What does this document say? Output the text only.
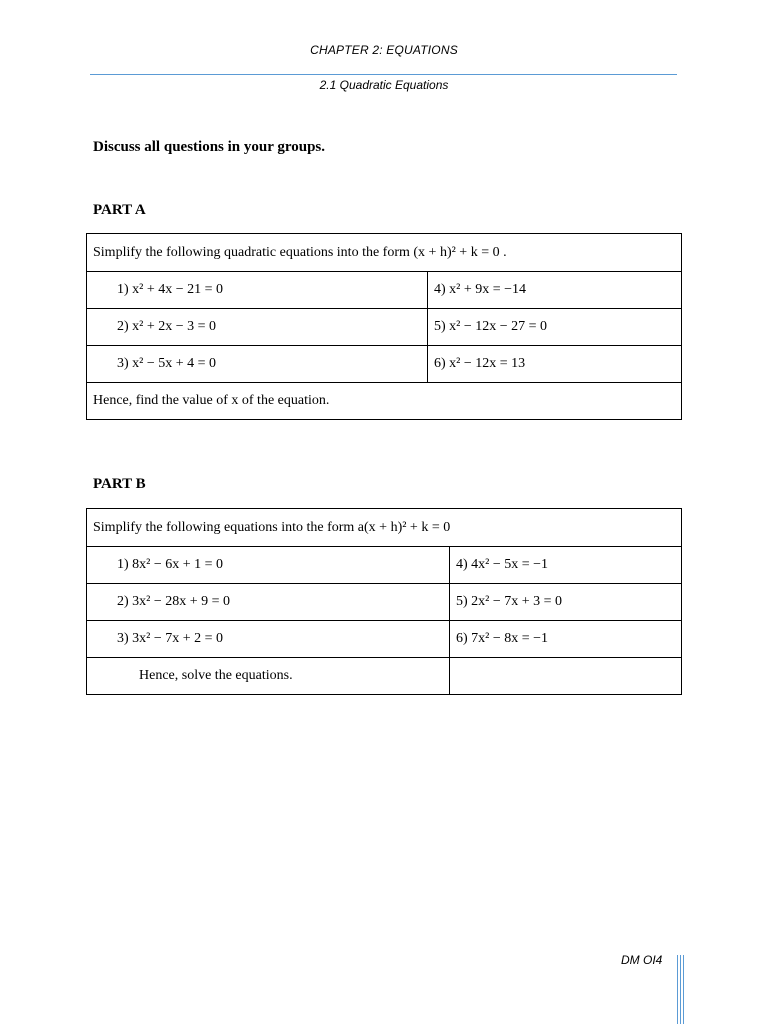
CHAPTER 2: EQUATIONS
2.1 Quadratic Equations
Discuss all questions in your groups.
PART A
Simplify the following quadratic equations into the form (x + h)² + k = 0 .	
1) x² + 4x − 21 = 0	4) x² + 9x = −14
2) x² + 2x − 3 = 0	5) x² − 12x − 27 = 0
3) x² − 5x + 4 = 0	6) x² − 12x = 13
Hence, find the value of x of the equation.	
PART B
Simplify the following equations into the form a(x + h)² + k = 0	
1) 8x² − 6x + 1 = 0	4) 4x² − 5x = −1
2) 3x² − 28x + 9 = 0	5) 2x² − 7x + 3 = 0
3) 3x² − 7x + 2 = 0	6) 7x² − 8x = −1
Hence, solve the equations.	
DM OI4
